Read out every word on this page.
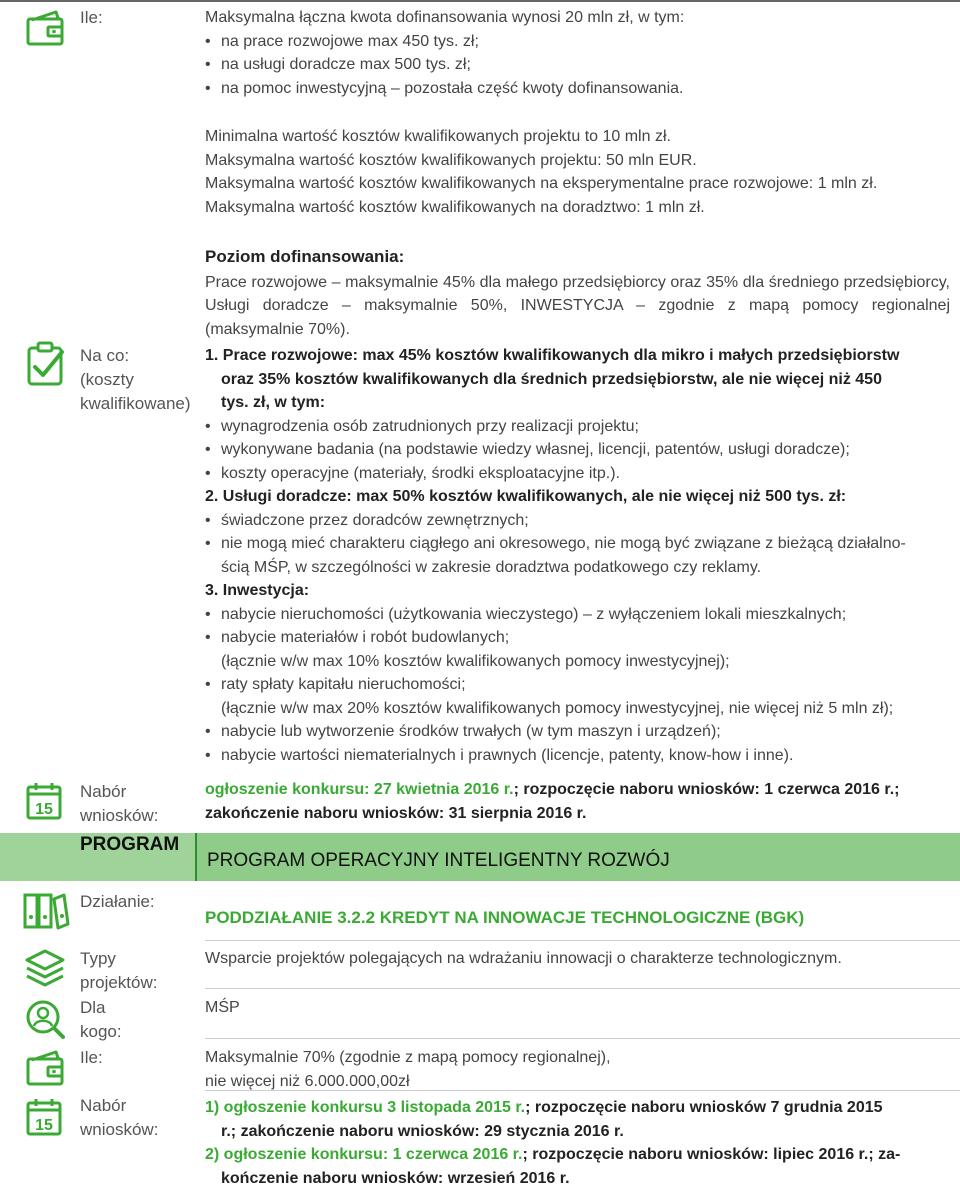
15
15
Ile:
Na co:
(koszty
kwalifikowane)
Nabór
wniosków:
PROGRAM
PROGRAM OPERACYJNY INTELIGENTNY ROZWÓJ
Działanie:
Typy
projektów:
Dla
kogo:
Ile:
Nabór
wniosków:
Maksymalna łączna kwota dofinansowania wynosi 20 mln zł, w tym:
• na prace rozwojowe max 450 tys. zł;
• na usługi doradcze max 500 tys. zł;
• na pomoc inwestycyjną – pozostała część kwoty dofinansowania.
Minimalna wartość kosztów kwalifikowanych projektu to 10 mln zł.
Maksymalna wartość kosztów kwalifikowanych projektu: 50 mln EUR.
Maksymalna wartość kosztów kwalifikowanych na eksperymentalne prace rozwojowe: 1 mln zł.
Maksymalna wartość kosztów kwalifikowanych na doradztwo: 1 mln zł.
Poziom dofinansowania:
Prace rozwojowe – maksymalnie 45% dla małego przedsiębiorcy oraz 35% dla średniego przedsiębiorcy, Usługi doradcze – maksymalnie 50%, INWESTYCJA – zgodnie z mapą pomocy regionalnej (maksymalnie 70%).
1. Prace rozwojowe: max 45% kosztów kwalifikowanych dla mikro i małych przedsiębiorstw
oraz 35% kosztów kwalifikowanych dla średnich przedsiębiorstw, ale nie więcej niż 450
tys. zł, w tym:
• wynagrodzenia osób zatrudnionych przy realizacji projektu;
• wykonywane badania (na podstawie wiedzy własnej, licencji, patentów, usługi doradcze);
• koszty operacyjne (materiały, środki eksploatacyjne itp.).
2. Usługi doradcze: max 50% kosztów kwalifikowanych, ale nie więcej niż 500 tys. zł:
• świadczone przez doradców zewnętrznych;
• nie mogą mieć charakteru ciągłego ani okresowego, nie mogą być związane z bieżącą działalno-
ścią MŚP, w szczególności w zakresie doradztwa podatkowego czy reklamy.
3. Inwestycja:
• nabycie nieruchomości (użytkowania wieczystego) – z wyłączeniem lokali mieszkalnych;
• nabycie materiałów i robót budowlanych;
(łącznie w/w max 10% kosztów kwalifikowanych pomocy inwestycyjnej);
• raty spłaty kapitału nieruchomości;
(łącznie w/w max 20% kosztów kwalifikowanych pomocy inwestycyjnej, nie więcej niż 5 mln zł);
• nabycie lub wytworzenie środków trwałych (w tym maszyn i urządzeń);
• nabycie wartości niematerialnych i prawnych (licencje, patenty, know-how i inne).
ogłoszenie konkursu: 27 kwietnia 2016 r.; rozpoczęcie naboru wniosków: 1 czerwca 2016 r.;
zakończenie naboru wniosków: 31 sierpnia 2016 r.
PODDZIAŁANIE 3.2.2 KREDYT NA INNOWACJE TECHNOLOGICZNE (BGK)
Wsparcie projektów polegających na wdrażaniu innowacji o charakterze technologicznym.
MŚP
Maksymalnie 70% (zgodnie z mapą pomocy regionalnej),
nie więcej niż 6.000.000,00zł
1) ogłoszenie konkursu 3 listopada 2015 r.; rozpoczęcie naboru wniosków 7 grudnia 2015
r.; zakończenie naboru wniosków: 29 stycznia 2016 r.
2) ogłoszenie konkursu: 1 czerwca 2016 r.; rozpoczęcie naboru wniosków: lipiec 2016 r.; za-
kończenie naboru wniosków: wrzesień 2016 r.
